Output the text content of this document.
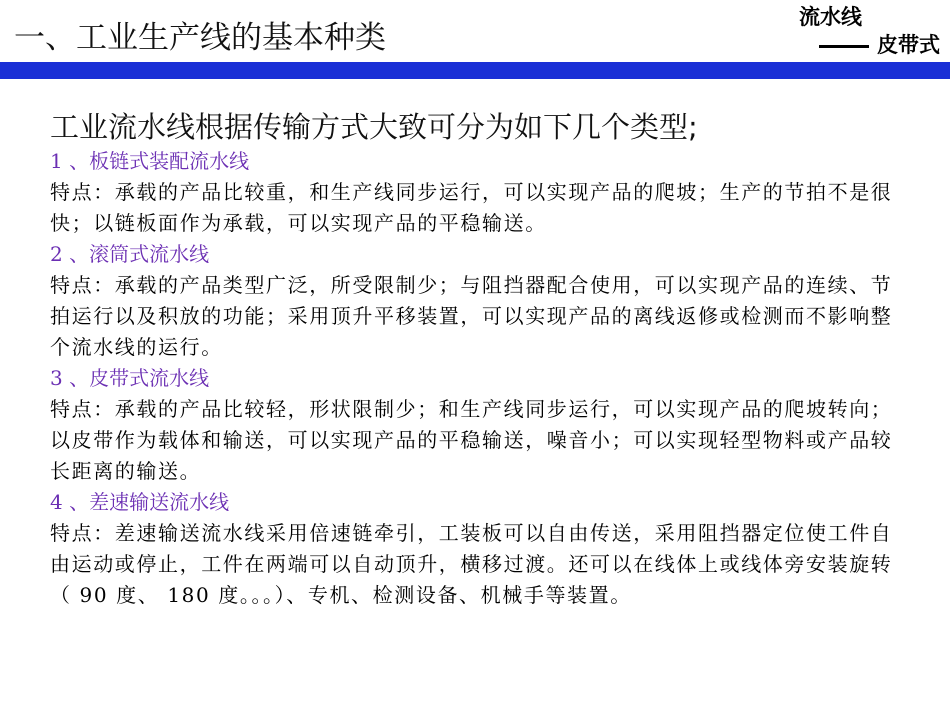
一、工业生产线的基本种类
流水线
皮带式
工业流水线根据传输方式大致可分为如下几个类型;
1 、板链式装配流水线
特点：承载的产品比较重，和生产线同步运行，可以实现产品的爬坡；生产的节拍不是很快；以链板面作为承载，可以实现产品的平稳输送。
2 、滚筒式流水线
特点：承载的产品类型广泛，所受限制少；与阻挡器配合使用，可以实现产品的连续、节拍运行以及积放的功能；采用顶升平移装置，可以实现产品的离线返修或检测而不影响整个流水线的运行。
3 、皮带式流水线
特点：承载的产品比较轻，形状限制少；和生产线同步运行，可以实现产品的爬坡转向；以皮带作为载体和输送，可以实现产品的平稳输送，噪音小；可以实现轻型物料或产品较长距离的输送。
4 、差速输送流水线
特点：差速输送流水线采用倍速链牵引，工装板可以自由传送，采用阻挡器定位使工件自由运动或停止，工件在两端可以自动顶升，横移过渡。还可以在线体上或线体旁安装旋转（ 90 度、 180 度。。。）、专机、检测设备、机械手等装置。
